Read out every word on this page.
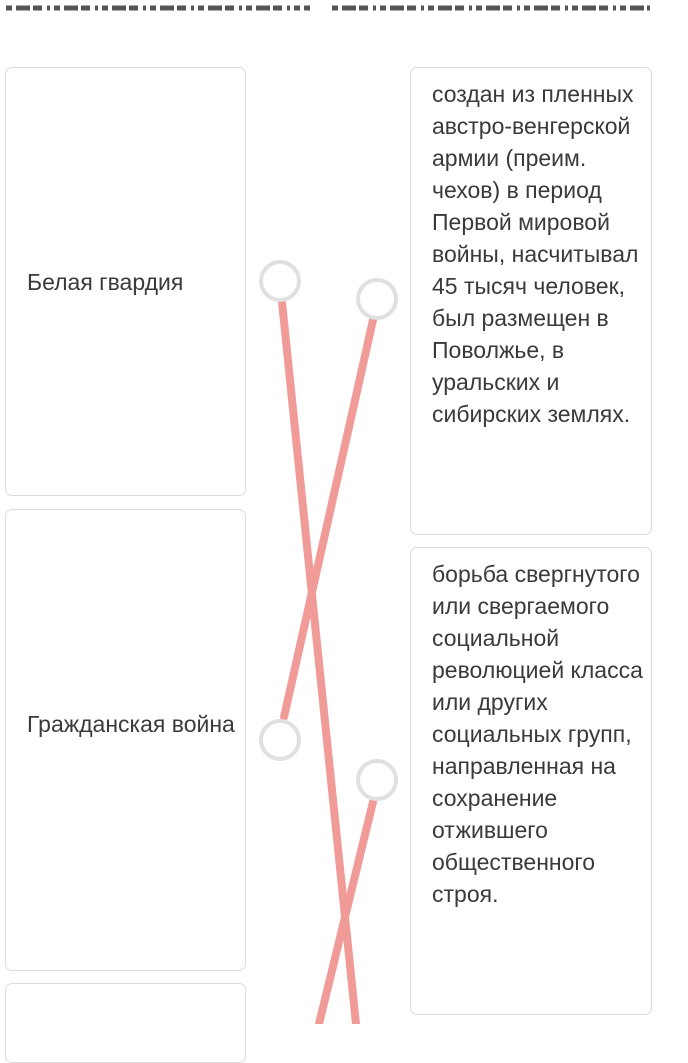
Белая гвардия
Гражданская война
создан из пленных австро-венгерской армии (преим. чехов) в период Первой мировой войны, насчитывал 45 тысяч человек, был размещен в Поволжье, в уральских и сибирских землях.
борьба свергнутого или свергаемого социальной революцией класса или других социальных групп, направленная на сохранение отжившего общественного строя.
